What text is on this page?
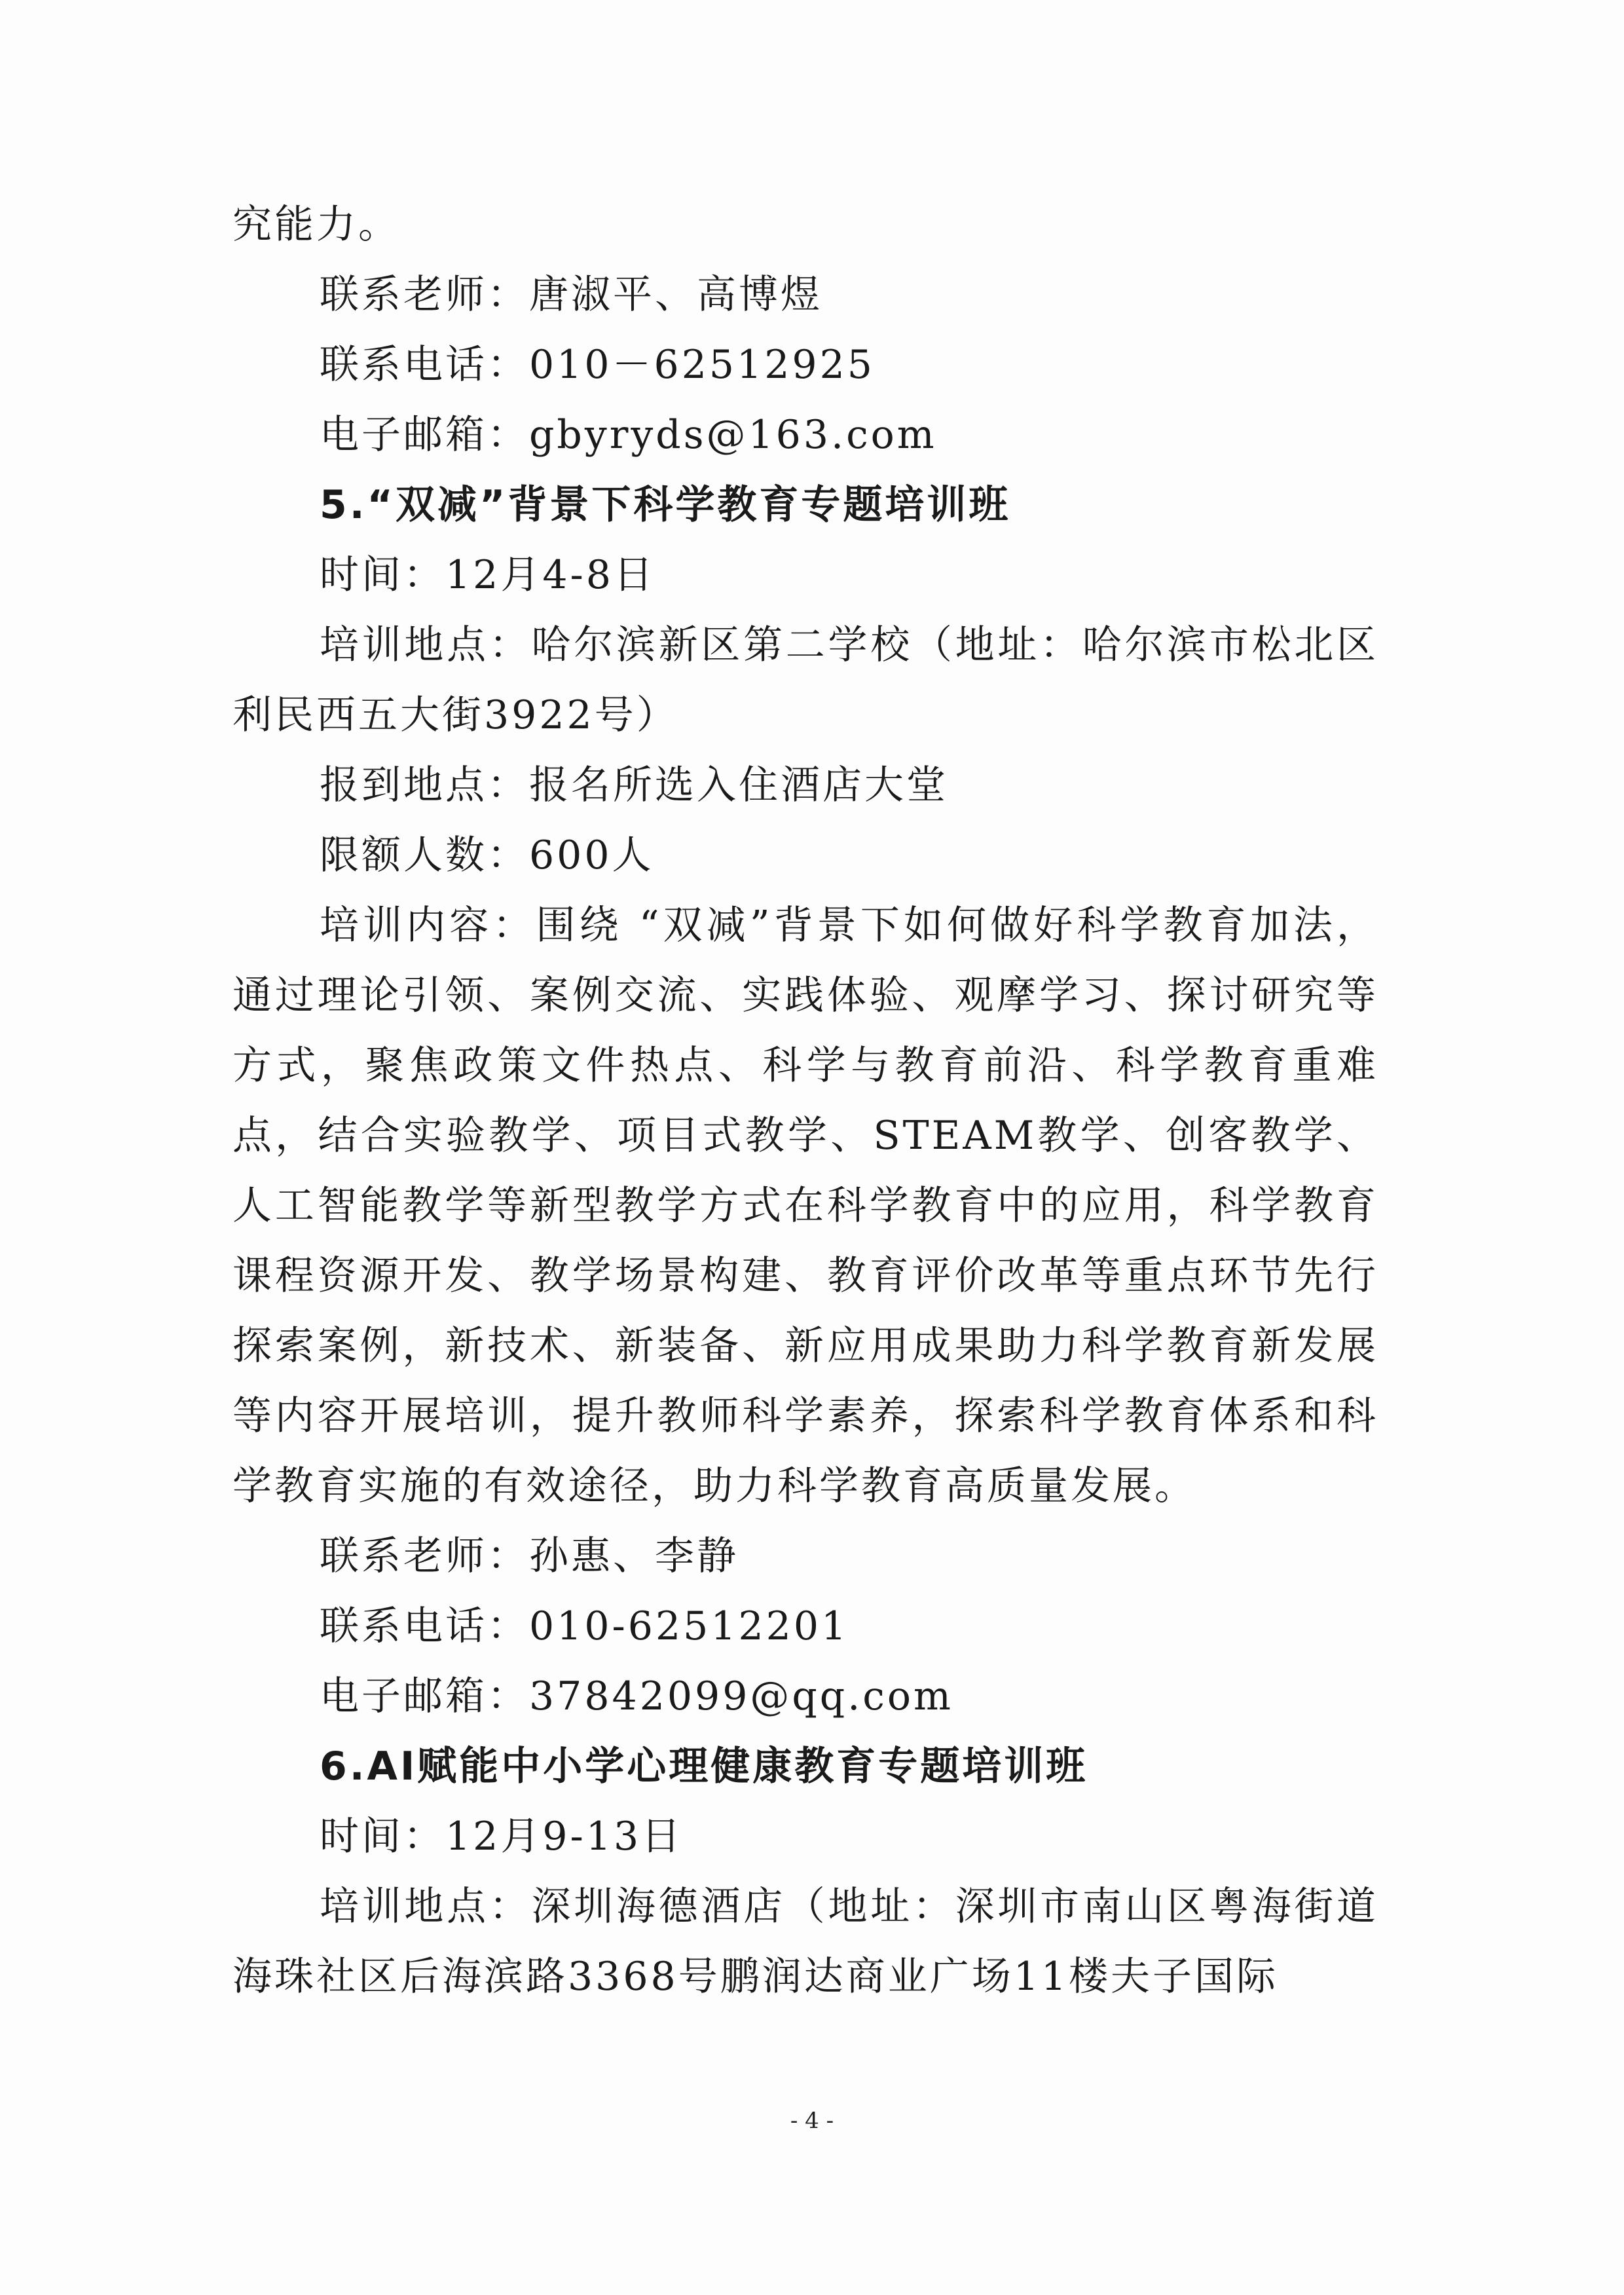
究能力。
联系老师：唐淑平、高博煜
联系电话：010－62512925
电子邮箱：gbyryds@163.com
5.“双减”背景下科学教育专题培训班
时间：12月4-8日
培训地点：哈尔滨新区第二学校（地址：哈尔滨市松北区利民西五大街3922号）
报到地点：报名所选入住酒店大堂
限额人数：600人
培训内容：围绕 “双减”背景下如何做好科学教育加法，通过理论引领、案例交流、实践体验、观摩学习、探讨研究等方式，聚焦政策文件热点、科学与教育前沿、科学教育重难点，结合实验教学、项目式教学、STEAM教学、创客教学、人工智能教学等新型教学方式在科学教育中的应用，科学教育课程资源开发、教学场景构建、教育评价改革等重点环节先行探索案例，新技术、新装备、新应用成果助力科学教育新发展等内容开展培训，提升教师科学素养，探索科学教育体系和科学教育实施的有效途径，助力科学教育高质量发展。
联系老师：孙惠、李静
联系电话：010-62512201
电子邮箱：37842099@qq.com
6.AI赋能中小学心理健康教育专题培训班
时间：12月9-13日
培训地点：深圳海德酒店（地址：深圳市南山区粤海街道海珠社区后海滨路3368号鹏润达商业广场11楼夫子国际
- 4 -
